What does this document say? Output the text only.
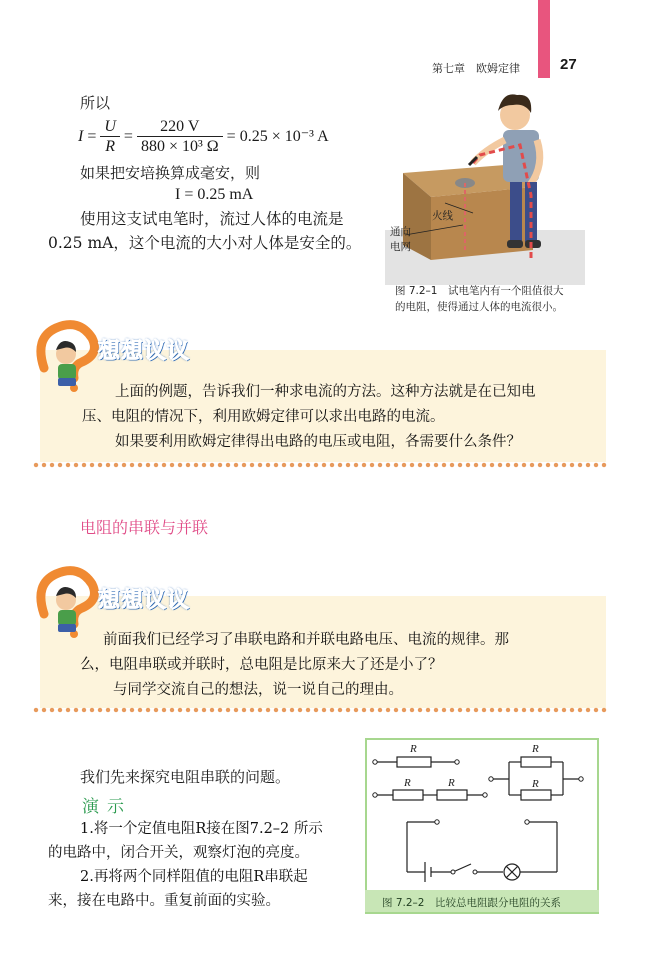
第七章　欧姆定律	27
所以
$I = \frac{U}{R} = \frac{220 V}{\text{880 × 10³ Ω}} = 0.25 \times 10^{-3}$ A
如果把安培换算成毫安，则
I = 0.25 mA
使用这支试电笔时，流过人体的电流是
0.25 mA，这个电流的大小对人体是安全的。
火线
通向
电网
图 7.2–1　试电笔内有一个阻值很大
的电阻，使得通过人体的电流很小。
想想议议
上面的例题，告诉我们一种求电流的方法。这种方法就是在已知电
压、电阻的情况下，利用欧姆定律可以求出电路的电流。
如果要利用欧姆定律得出电路的电压或电阻，各需要什么条件？
电阻的串联与并联
想想议议
前面我们已经学习了串联电路和并联电路电压、电流的规律。那
么，电阻串联或并联时，总电阻是比原来大了还是小了？
与同学交流自己的想法，说一说自己的理由。
我们先来探究电阻串联的问题。
演示
1.将一个定值电阻R接在图7.2–2 所示
的电路中，闭合开关，观察灯泡的亮度。
2.再将两个同样阻值的电阻R串联起
来，接在电路中。重复前面的实验。
R
R	R
R
R
图 7.2–2　比较总电阻跟分电阻的关系
